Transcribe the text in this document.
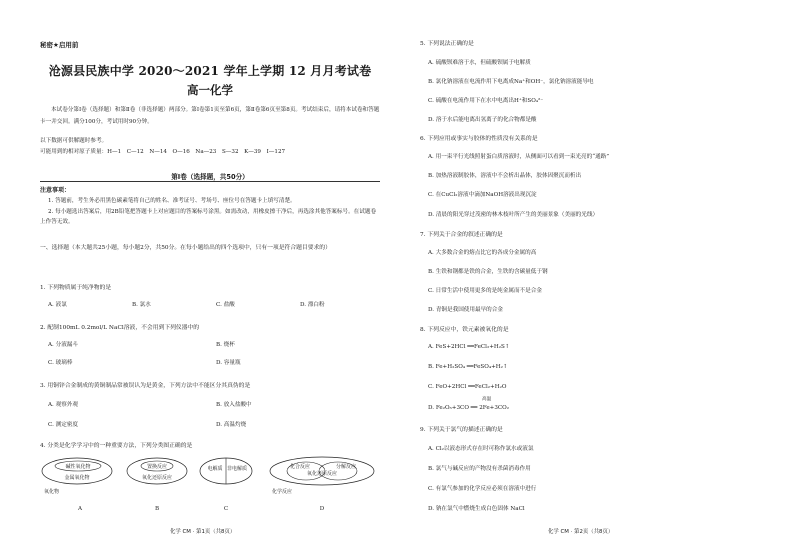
秘密★启用前
沧源县民族中学 2020～2021 学年上学期 12 月月考试卷
高一化学
本试卷分第Ⅰ卷（选择题）和第Ⅱ卷（非选择题）两部分。第Ⅰ卷第1页至第6页，第Ⅱ卷第6页至第8页。考试结束后，请将本试卷和答题卡一并交回。满分100分，考试用时90分钟。
以下数据可供解题时参考。
可能用到的相对原子质量：H—1　C—12　N—14　O—16　Na—23　S—32　K—39　I—127
第Ⅰ卷（选择题，共50分）
注意事项：
1. 答题前，考生务必用黑色碳素笔将自己的姓名、准考证号、考场号、座位号在答题卡上填写清楚。
2. 每小题选出答案后，用2B铅笔把答题卡上对应题目的答案标号涂黑。如需改动，用橡皮擦干净后，再选涂其他答案标号。在试题卷上作答无效。
一、选择题（本大题共25小题，每小题2分，共50分。在每小题给出的四个选项中，只有一项是符合题目要求的）
1. 下列物质属于纯净物的是
A. 液氯	B. 氯水	C. 盐酸	D. 漂白粉
2. 配制100mL 0.2mol/L NaCl溶液，不会用到下列仪器中的
A. 分液漏斗	B. 烧杯
C. 玻璃棒	D. 容量瓶
3. 用铜锌合金制成的黄铜制品常被误认为是黄金，下列方法中不能区分其真伪的是
A. 观察外观	B. 放入盐酸中
C. 测定密度	D. 高温灼烧
4. 分类是化学学习中的一种重要方法，下列分类图正确的是
碱性氧化物
金属氧化物
氧化物
A
置换反应
氧化还原反应
B
电解质 非电解质
C
化合反应
氧化还原反应
分解反应
化学反应
D
化学 CM · 第1页（共8页）
5. 下列说法正确的是
A. 硫酸钡难溶于水，但硫酸钡属于电解质
B. 氯化钠溶液在电流作用下电离成Na⁺和OH⁻，氯化钠溶液能导电
C. 硫酸在电流作用下在水中电离出H⁺和SO₄²⁻
D. 溶于水后能电离出氢离子的化合物都是酸
6. 下列应用或事实与胶体的性质没有关系的是
A. 用一束平行光线照射蛋白质溶液时，从侧面可以看到一束光亮的“通路”
B. 加热溶液制胶体，溶液中不会析出晶体，胶体因聚沉而析出
C. 在CuCl₂溶液中滴加NaOH溶液出现沉淀
D. 清晨的阳光穿过茂密的林木枝叶所产生的美丽景象（美丽的光线）
7. 下列关于合金的叙述正确的是
A. 大多数合金的熔点比它的各成分金属的高
B. 生铁和钢都是铁的合金，生铁的含碳量低于钢
C. 日常生活中使用更多的是纯金属而不是合金
D. 青铜是我国使用最早的合金
8. 下列反应中，铁元素被氧化的是
A. FeS+2HCl ══FeCl₂+H₂S↑
B. Fe+H₂SO₄ ══FeSO₄+H₂↑
C. FeO+2HCl ══FeCl₂+H₂O
高温
D. Fe₂O₃+3CO ══ 2Fe+3CO₂
9. 下列关于氯气的描述正确的是
A. Cl₂以液态形式存在时可称作氯水或液氯
B. 氯气与碱反应的产物没有杀菌消毒作用
C. 有氯气参加的化学反应必须在溶液中进行
D. 钠在氯气中燃烧生成白色固体 NaCl
化学 CM · 第2页（共8页）
